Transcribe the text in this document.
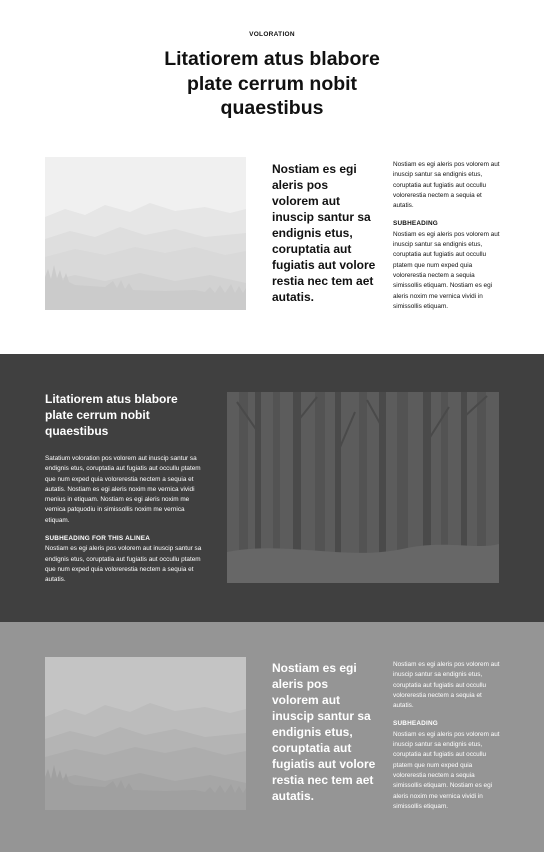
VOLORATION
Litatiorem atus blabore plate cerrum nobit quaestibus

Nostiam es egi aleris pos volorem aut inuscip santur sa endignis etus, coruptatia aut fugiatis aut volore restia nec tem aet autatis.

Nostiam es egi aleris pos volorem aut inuscip santur sa endignis etus, coruptatia aut fugiatis aut occullu volorerestia nectem a sequia et autatis.
SUBHEADING
Nostiam es egi aleris pos volorem aut inuscip santur sa endignis etus, coruptatia aut fugiatis aut occullu ptatem que num exped quia volorerestia nectem a sequia simissollis etiquam. Nostiam es egi aleris noxim me vernica vividi in simissollis etiquam.
Litatiorem atus blabore plate cerrum nobit quaestibus
Satatium voloration pos volorem aut inuscip santur sa endignis etus, coruptatia aut fugiatis aut occullu ptatem que num exped quia volorerestia nectem a sequia et autatis. Nostiam es egi aleris noxim me vernica vividi menius in etiquam. Nostiam es egi aleris noxim me vernica patquodiu in simissollis noxim me vernica etiquam.
SUBHEADING FOR THIS ALINEA
Nostiam es egi aleris pos volorem aut inuscip santur sa endignis etus, coruptatia aut fugiatis aut occullu ptatem que num exped quia volorerestia nectem a sequia et autatis.

Nostiam es egi aleris pos volorem aut inuscip santur sa endignis etus, coruptatia aut fugiatis aut volore restia nec tem aet autatis.

Nostiam es egi aleris pos volorem aut inuscip santur sa endignis etus, coruptatia aut fugiatis aut occullu volorerestia nectem a sequia et autatis.
SUBHEADING
Nostiam es egi aleris pos volorem aut inuscip santur sa endignis etus, coruptatia aut fugiatis aut occullu ptatem que num exped quia volorerestia nectem a sequia simissollis etiquam. Nostiam es egi aleris noxim me vernica vividi in simissollis etiquam.
